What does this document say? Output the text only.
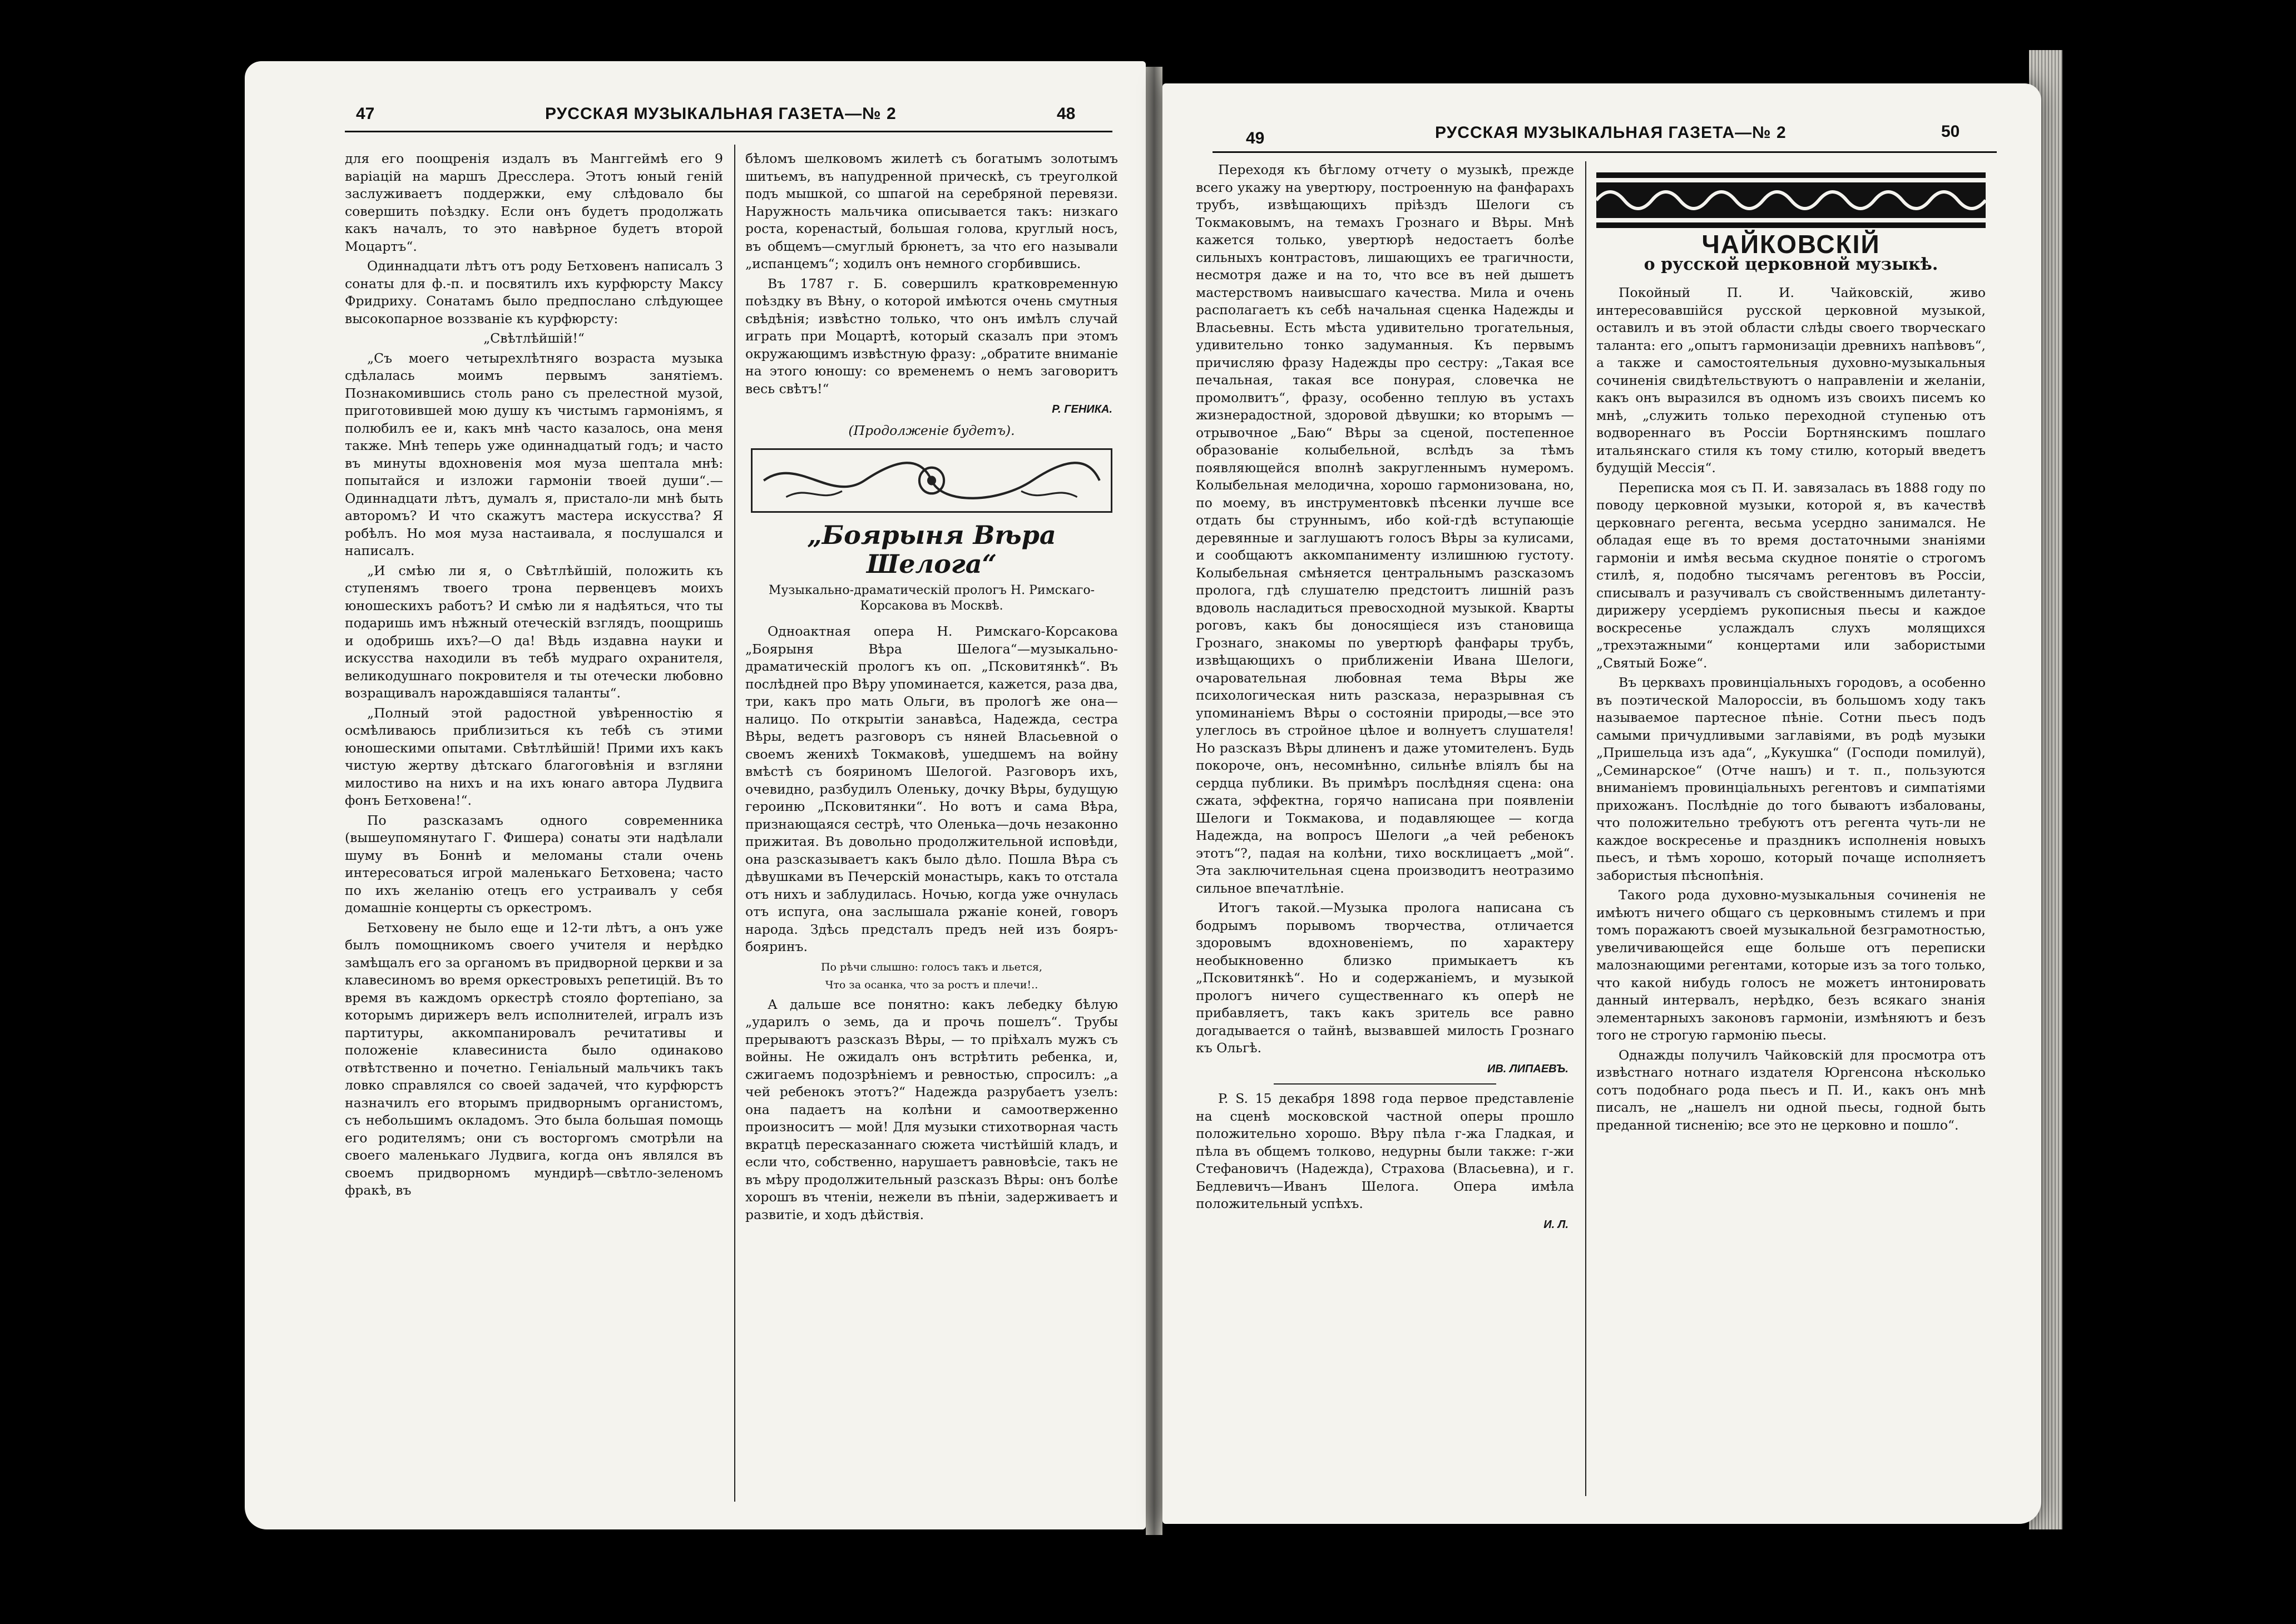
47	РУССКАЯ МУЗЫКАЛЬНАЯ ГАЗЕТА—№ 2	48

для его поощренія издалъ въ Манггеймѣ его 9 варіацій на маршъ Дресслера. Этотъ юный геній заслуживаетъ поддержки, ему слѣдовало бы совершить поѣздку. Если онъ будетъ продолжать какъ началъ, то это навѣрное будетъ второй Моцартъ“.

Одиннадцати лѣтъ отъ роду Бетховенъ написалъ 3 сонаты для ф.-п. и посвятилъ ихъ курфюрсту Максу Фридриху. Сонатамъ было предпослано слѣдующее высокопарное воззваніе къ курфюрсту:

„Свѣтлѣйшій!“

„Съ моего четырехлѣтняго возраста музыка сдѣлалась моимъ первымъ занятіемъ. Познакомившись столь рано съ прелестной музой, приготовившей мою душу къ чистымъ гармоніямъ, я полюбилъ ее и, какъ мнѣ часто казалось, она меня также. Мнѣ теперь уже одиннадцатый годъ; и часто въ минуты вдохновенія моя муза шептала мнѣ: попытайся и изложи гармоніи твоей души“.—Одиннадцати лѣтъ, думалъ я, пристало-ли мнѣ быть авторомъ? И что скажутъ мастера искусства? Я робѣлъ. Но моя муза настаивала, я послушался и написалъ.

„И смѣю ли я, о Свѣтлѣйшій, положить къ ступенямъ твоего трона первенцевъ моихъ юношескихъ работъ? И смѣю ли я надѣяться, что ты подаришь имъ нѣжный отеческій взглядъ, поощришь и одобришь ихъ?—О да! Вѣдь издавна науки и искусства находили въ тебѣ мудраго охранителя, великодушнаго покровителя и ты отечески любовно возращивалъ нарождавшіяся таланты“.

„Полный этой радостной увѣренностію я осмѣливаюсь приблизиться къ тебѣ съ этими юношескими опытами. Свѣтлѣйшій! Прими ихъ какъ чистую жертву дѣтскаго благоговѣнія и взгляни милостиво на нихъ и на ихъ юнаго автора Лудвига фонъ Бетховена!“.

По разсказамъ одного современника (вышеупомянутаго Г. Фишера) сонаты эти надѣлали шуму въ Боннѣ и меломаны стали очень интересоваться игрой маленькаго Бетховена; часто по ихъ желанію отецъ его устраивалъ у себя домашніе концерты съ оркестромъ.

Бетховену не было еще и 12-ти лѣтъ, а онъ уже былъ помощникомъ своего учителя и нерѣдко замѣщалъ его за органомъ въ придворной церкви и за клавесиномъ во время оркестровыхъ репетицій. Въ то время въ каждомъ оркестрѣ стояло фортепіано, за которымъ дирижеръ велъ исполнителей, игралъ изъ партитуры, аккомпанировалъ речитативы и положеніе клавесиниста было одинаково отвѣтственно и почетно. Геніальный мальчикъ такъ ловко справлялся со своей задачей, что курфюрстъ назначилъ его вторымъ придворнымъ органистомъ, съ небольшимъ окладомъ. Это была большая помощь его родителямъ; они съ восторгомъ смотрѣли на своего маленькаго Лудвига, когда онъ являлся въ своемъ придворномъ мундирѣ—свѣтло-зеленомъ фракѣ, въ

бѣломъ шелковомъ жилетѣ съ богатымъ золотымъ шитьемъ, въ напудренной прическѣ, съ треуголкой подъ мышкой, со шпагой на серебряной перевязи. Наружность мальчика описывается такъ: низкаго роста, коренастый, большая голова, круглый носъ, въ общемъ—смуглый брюнетъ, за что его называли „испанцемъ“; ходилъ онъ немного сгорбившись.

Въ 1787 г. Б. совершилъ кратковременную поѣздку въ Вѣну, о которой имѣются очень смутныя свѣдѣнія; извѣстно только, что онъ имѣлъ случай играть при Моцартѣ, который сказалъ при этомъ окружающимъ извѣстную фразу: „обратите вниманіе на этого юношу: со временемъ о немъ заговоритъ весь свѣтъ!“

Р. ГЕНИКА.

(Продолженіе будетъ).

„Боярыня Вѣра Шелога“
Музыкально-драматическій прологъ Н. Римскаго-Корсакова въ Москвѣ.

Одноактная опера Н. Римскаго-Корсакова „Боярыня Вѣра Шелога“—музыкально-драматическій прологъ къ оп. „Псковитянкѣ“. Въ послѣдней про Вѣру упоминается, кажется, раза два, три, какъ про мать Ольги, въ прологѣ же она—налицо. По открытіи занавѣса, Надежда, сестра Вѣры, ведетъ разговоръ съ няней Власьевной о своемъ женихѣ Токмаковѣ, ушедшемъ на войну вмѣстѣ съ бояриномъ Шелогой. Разговоръ ихъ, очевидно, разбудилъ Оленьку, дочку Вѣры, будущую героиню „Псковитянки“. Но вотъ и сама Вѣра, признающаяся сестрѣ, что Оленька—дочь незаконно прижитая. Въ довольно продолжительной исповѣди, она разсказываетъ какъ было дѣло. Пошла Вѣра съ дѣвушками въ Печерскій монастырь, какъ то отстала отъ нихъ и заблудилась. Ночью, когда уже очнулась отъ испуга, она заслышала ржаніе коней, говоръ народа. Здѣсь предсталъ предъ ней изъ бояръ-бояринъ.

По рѣчи слышно: голосъ такъ и льется,
Что за осанка, что за ростъ и плечи!..

А дальше все понятно: какъ лебедку бѣлую „ударилъ о земь, да и прочь пошелъ“. Трубы прерываютъ разсказъ Вѣры, — то пріѣхалъ мужъ съ войны. Не ожидалъ онъ встрѣтить ребенка, и, сжигаемъ подозрѣніемъ и ревностью, спросилъ: „а чей ребенокъ этотъ?“ Надежда разрубаетъ узелъ: она падаетъ на колѣни и самоотверженно произноситъ — мой! Для музыки стихотворная часть вкратцѣ пересказаннаго сюжета чистѣйшій кладъ, и если что, собственно, нарушаетъ равновѣсіе, такъ не въ мѣру продолжительный разсказъ Вѣры: онъ болѣе хорошъ въ чтеніи, нежели въ пѣніи, задерживаетъ и развитіе, и ходъ дѣйствія.

49	РУССКАЯ МУЗЫКАЛЬНАЯ ГАЗЕТА—№ 2	50

Переходя къ бѣглому отчету о музыкѣ, прежде всего укажу на увертюру, построенную на фанфарахъ трубъ, извѣщающихъ пріѣздъ Шелоги съ Токмаковымъ, на темахъ Грознаго и Вѣры. Мнѣ кажется только, увертюрѣ недостаетъ болѣе сильныхъ контрастовъ, лишающихъ ее трагичности, несмотря даже и на то, что все въ ней дышетъ мастерствомъ наивысшаго качества. Мила и очень располагаетъ къ себѣ начальная сценка Надежды и Власьевны. Есть мѣста удивительно трогательныя, удивительно тонко задуманныя. Къ первымъ причисляю фразу Надежды про сестру: „Такая все печальная, такая все понурая, словечка не промолвитъ“, фразу, особенно теплую въ устахъ жизнерадостной, здоровой дѣвушки; ко вторымъ — отрывочное „Баю“ Вѣры за сценой, постепенное образованіе колыбельной, вслѣдъ за тѣмъ появляющейся вполнѣ закругленнымъ нумеромъ. Колыбельная мелодична, хорошо гармонизована, но, по моему, въ инструментовкѣ пѣсенки лучше все отдать бы струннымъ, ибо кой-гдѣ вступающіе деревянные и заглушаютъ голосъ Вѣры за кулисами, и сообщаютъ аккомпанименту излишнюю густоту. Колыбельная смѣняется центральнымъ разсказомъ пролога, гдѣ слушателю предстоитъ лишній разъ вдоволь насладиться превосходной музыкой. Кварты роговъ, какъ бы доносящіеся изъ становища Грознаго, знакомы по увертюрѣ фанфары трубъ, извѣщающихъ о приближеніи Ивана Шелоги, очаровательная любовная тема Вѣры же психологическая нить разсказа, неразрывная съ упоминаніемъ Вѣры о состояніи природы,—все это улеглось въ стройное цѣлое и волнуетъ слушателя! Но разсказъ Вѣры длиненъ и даже утомителенъ. Будь покороче, онъ, несомнѣнно, сильнѣе вліялъ бы на сердца публики. Въ примѣръ послѣдняя сцена: она сжата, эффектна, горячо написана при появленіи Шелоги и Токмакова, и подавляющее — когда Надежда, на вопросъ Шелоги „а чей ребенокъ этотъ“?, падая на колѣни, тихо восклицаетъ „мой“. Эта заключительная сцена производитъ неотразимо сильное впечатлѣніе.

Итогъ такой.—Музыка пролога написана съ бодрымъ порывомъ творчества, отличается здоровымъ вдохновеніемъ, по характеру необыкновенно близко примыкаетъ къ „Псковитянкѣ“. Но и содержаніемъ, и музыкой прологъ ничего существеннаго къ оперѣ не прибавляетъ, такъ какъ зритель все равно догадывается о тайнѣ, вызвавшей милость Грознаго къ Ольгѣ.

ИВ. ЛИПАЕВЪ.

P. S. 15 декабря 1898 года первое представленіе на сценѣ московской частной оперы прошло положительно хорошо. Вѣру пѣла г-жа Гладкая, и пѣла въ общемъ толково, недурны были также: г-жи Стефановичъ (Надежда), Страхова (Власьевна), и г. Бедлевичъ—Иванъ Шелога. Опера имѣла положительный успѣхъ.

И. Л.
ЧАЙКОВСКІЙ
о русской церковной музыкѣ.

Покойный П. И. Чайковскій, живо интересовавшійся русской церковной музыкой, оставилъ и въ этой области слѣды своего творческаго таланта: его „опытъ гармонизаціи древнихъ напѣвовъ“, а также и самостоятельныя духовно-музыкальныя сочиненія свидѣтельствуютъ о направленіи и желаніи, какъ онъ выразился въ одномъ изъ своихъ писемъ ко мнѣ, „служить только переходной ступенью отъ водвореннаго въ Россіи Бортнянскимъ пошлаго итальянскаго стиля къ тому стилю, который введетъ будущій Мессія“.

Переписка моя съ П. И. завязалась въ 1888 году по поводу церковной музыки, которой я, въ качествѣ церковнаго регента, весьма усердно занимался. Не обладая еще въ то время достаточными знаніями гармоніи и имѣя весьма скудное понятіе о строгомъ стилѣ, я, подобно тысячамъ регентовъ въ Россіи, списывалъ и разучивалъ съ свойственнымъ дилетанту-дирижеру усердіемъ рукописныя пьесы и каждое воскресенье услаждалъ слухъ молящихся „трехэтажными“ концертами или забористыми „Святый Боже“.

Въ церквахъ провинціальныхъ городовъ, а особенно въ поэтической Малороссіи, въ большомъ ходу такъ называемое партесное пѣніе. Сотни пьесъ подъ самыми причудливыми заглавіями, въ родѣ музыки „Пришельца изъ ада“, „Кукушка“ (Господи помилуй), „Семинарское“ (Отче нашъ) и т. п., пользуются вниманіемъ провинціальныхъ регентовъ и симпатіями прихожанъ. Послѣдніе до того бываютъ избалованы, что положительно требуютъ отъ регента чуть-ли не каждое воскресенье и праздникъ исполненія новыхъ пьесъ, и тѣмъ хорошо, который почаще исполняетъ забористыя пѣснопѣнія.

Такого рода духовно-музыкальныя сочиненія не имѣютъ ничего общаго съ церковнымъ стилемъ и при томъ поражаютъ своей музыкальной безграмотностью, увеличивающейся еще больше отъ переписки малознающими регентами, которые изъ за того только, что какой нибудь голосъ не можетъ интонировать данный интервалъ, нерѣдко, безъ всякаго знанія элементарныхъ законовъ гармоніи, измѣняютъ и безъ того не строгую гармонію пьесы.

Однажды получилъ Чайковскій для просмотра отъ извѣстнаго нотнаго издателя Юргенсона нѣсколько сотъ подобнаго рода пьесъ и П. И., какъ онъ мнѣ писалъ, не „нашелъ ни одной пьесы, годной быть преданной тисненію; все это не церковно и пошло“.
